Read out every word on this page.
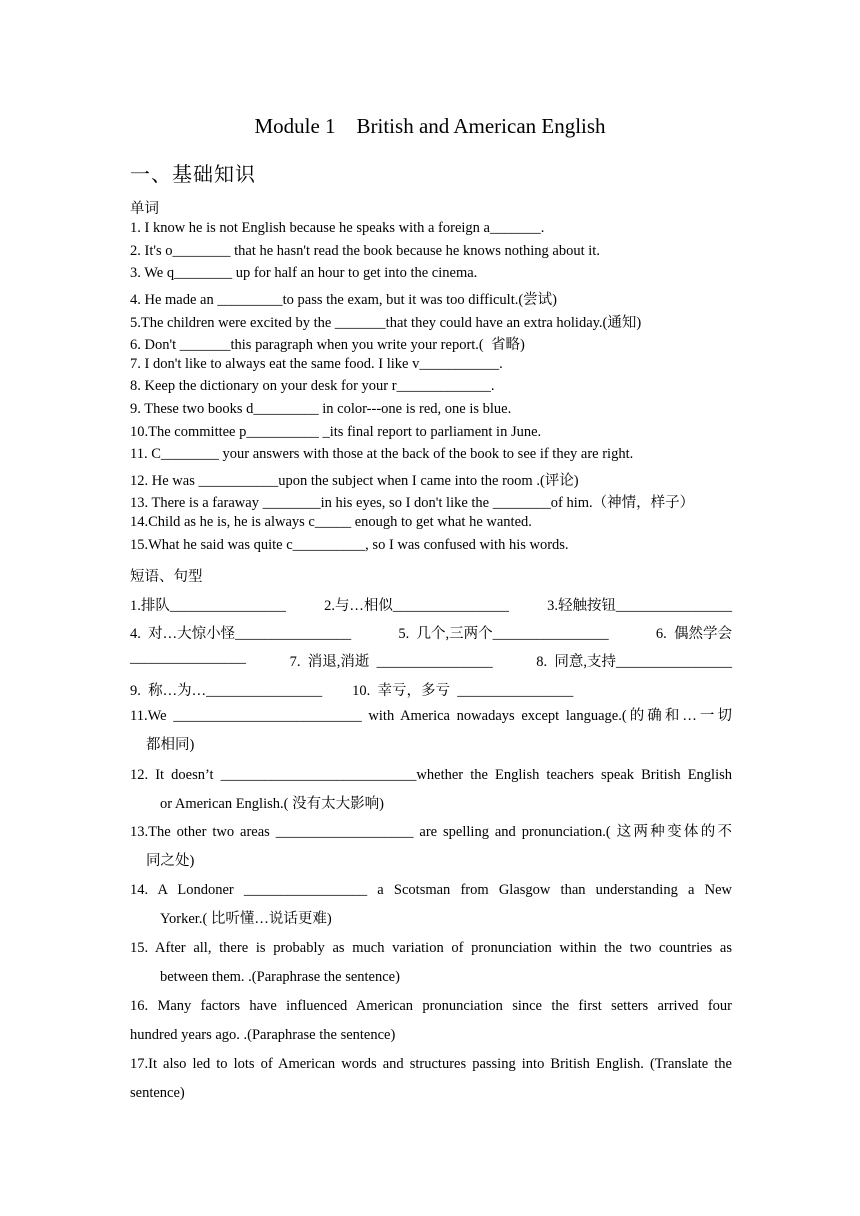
Module 1    British and American English
一、基础知识
单词
1. I know he is not English because he speaks with a foreign a_______.
2. It's o________ that he hasn't read the book because he knows nothing about it.
3. We q________ up for half an hour to get into the cinema.
4. He made an _________to pass the exam, but it was too difficult.(尝试)
5.The children were excited by the _______that they could have an extra holiday.(通知)
6. Don't _______this paragraph when you write your report.(  省略)
7. I don't like to always eat the same food. I like v___________.
8. Keep the dictionary on your desk for your r_____________.
9. These two books d_________ in color---one is red, one is blue.
10.The committee p__________ _its final report to parliament in June.
11. C________ your answers with those at the back of the book to see if they are right.
12. He was ___________upon the subject when I came into the room .(评论)
13. There is a faraway ________in his eyes, so I don't like the ________of him.（神情，样子）
14.Child as he is, he is always c_____ enough to get what he wanted.
15.What he said was quite c__________, so I was confused with his words.
短语、句型
1.排队________________	2.与…相似________________	3.轻触按钮________________
4.  对…大惊小怪________________	5.  几个,三两个________________	6.  偶然学会
________________	7.  消退,消逝  ________________	8.  同意,支持________________
9.  称…为…________________ 10.  幸亏，多亏  ________________
11.We __________________________ with America nowadays except language.(的确和…一切
都相同)
12. It doesn’t ___________________________whether the English teachers speak British English
or American English.( 没有太大影响)
13.The other two areas ___________________ are spelling and pronunciation.( 这两种变体的不
同之处)
14. A Londoner _________________ a Scotsman from Glasgow than understanding a New
Yorker.( 比听懂…说话更难)
15. After all, there is probably as much variation of pronunciation within the two countries as
between them. .(Paraphrase the sentence)
16. Many factors have influenced American pronunciation since the first setters arrived four
hundred years ago. .(Paraphrase the sentence)
17.It also led to lots of American words and structures passing into British English. (Translate the
sentence)
